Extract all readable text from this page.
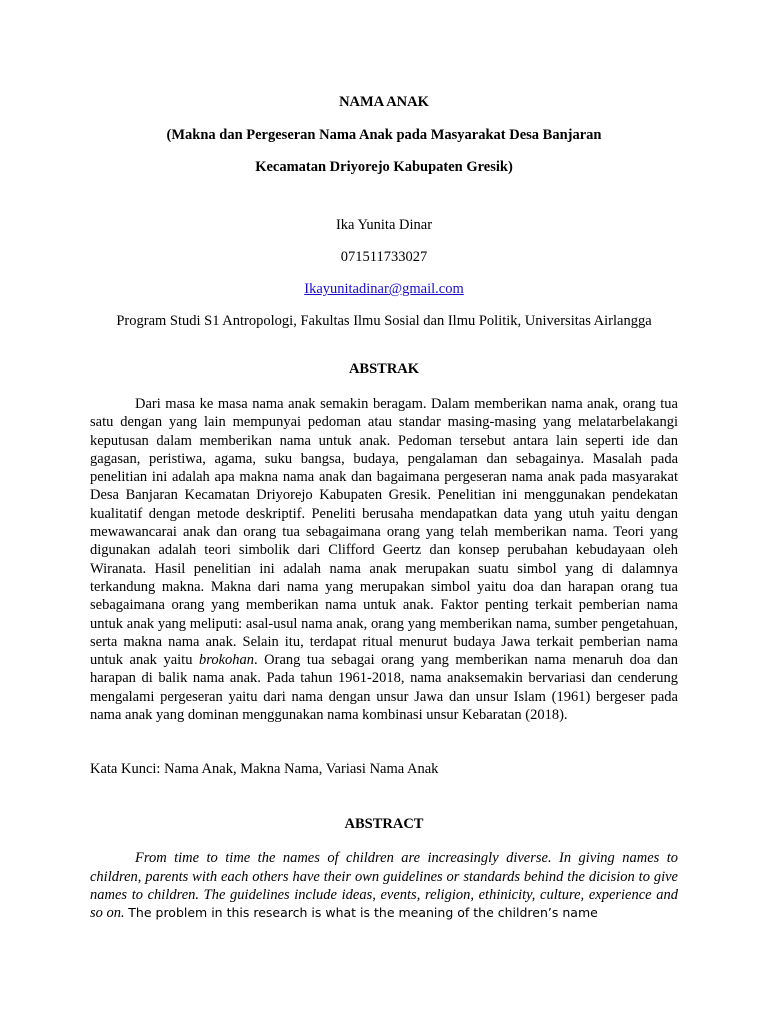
NAMA ANAK

(Makna dan Pergeseran Nama Anak pada Masyarakat Desa Banjaran

Kecamatan Driyorejo Kabupaten Gresik)

Ika Yunita Dinar

071511733027

Ikayunitadinar@gmail.com

Program Studi S1 Antropologi, Fakultas Ilmu Sosial dan Ilmu Politik, Universitas Airlangga

ABSTRAK

Dari masa ke masa nama anak semakin beragam. Dalam memberikan nama anak, orang tua satu dengan yang lain mempunyai pedoman atau standar masing-masing yang melatarbelakangi keputusan dalam memberikan nama untuk anak. Pedoman tersebut antara lain seperti ide dan gagasan, peristiwa, agama, suku bangsa, budaya, pengalaman dan sebagainya. Masalah pada penelitian ini adalah apa makna nama anak dan bagaimana pergeseran nama anak pada masyarakat Desa Banjaran Kecamatan Driyorejo Kabupaten Gresik. Penelitian ini menggunakan pendekatan kualitatif dengan metode deskriptif. Peneliti berusaha mendapatkan data yang utuh yaitu dengan mewawancarai anak dan orang tua sebagaimana orang yang telah memberikan nama. Teori yang digunakan adalah teori simbolik dari Clifford Geertz dan konsep perubahan kebudayaan oleh Wiranata. Hasil penelitian ini adalah nama anak merupakan suatu simbol yang di dalamnya terkandung makna. Makna dari nama yang merupakan simbol yaitu doa dan harapan orang tua sebagaimana orang yang memberikan nama untuk anak. Faktor penting terkait pemberian nama untuk anak yang meliputi: asal-usul nama anak, orang yang memberikan nama, sumber pengetahuan, serta makna nama anak. Selain itu, terdapat ritual menurut budaya Jawa terkait pemberian nama untuk anak yaitu brokohan. Orang tua sebagai orang yang memberikan nama menaruh doa dan harapan di balik nama anak. Pada tahun 1961-2018, nama anaksemakin bervariasi dan cenderung mengalami pergeseran yaitu dari nama dengan unsur Jawa dan unsur Islam (1961) bergeser pada nama anak yang dominan menggunakan nama kombinasi unsur Kebaratan (2018).

Kata Kunci: Nama Anak, Makna Nama, Variasi Nama Anak

ABSTRACT

From time to time the names of children are increasingly diverse. In giving names to children, parents with each others have their own guidelines or standards behind the dicision to give names to children. The guidelines include ideas, events, religion, ethinicity, culture, experience and so on. The problem in this research is what is the meaning of the children’s name
